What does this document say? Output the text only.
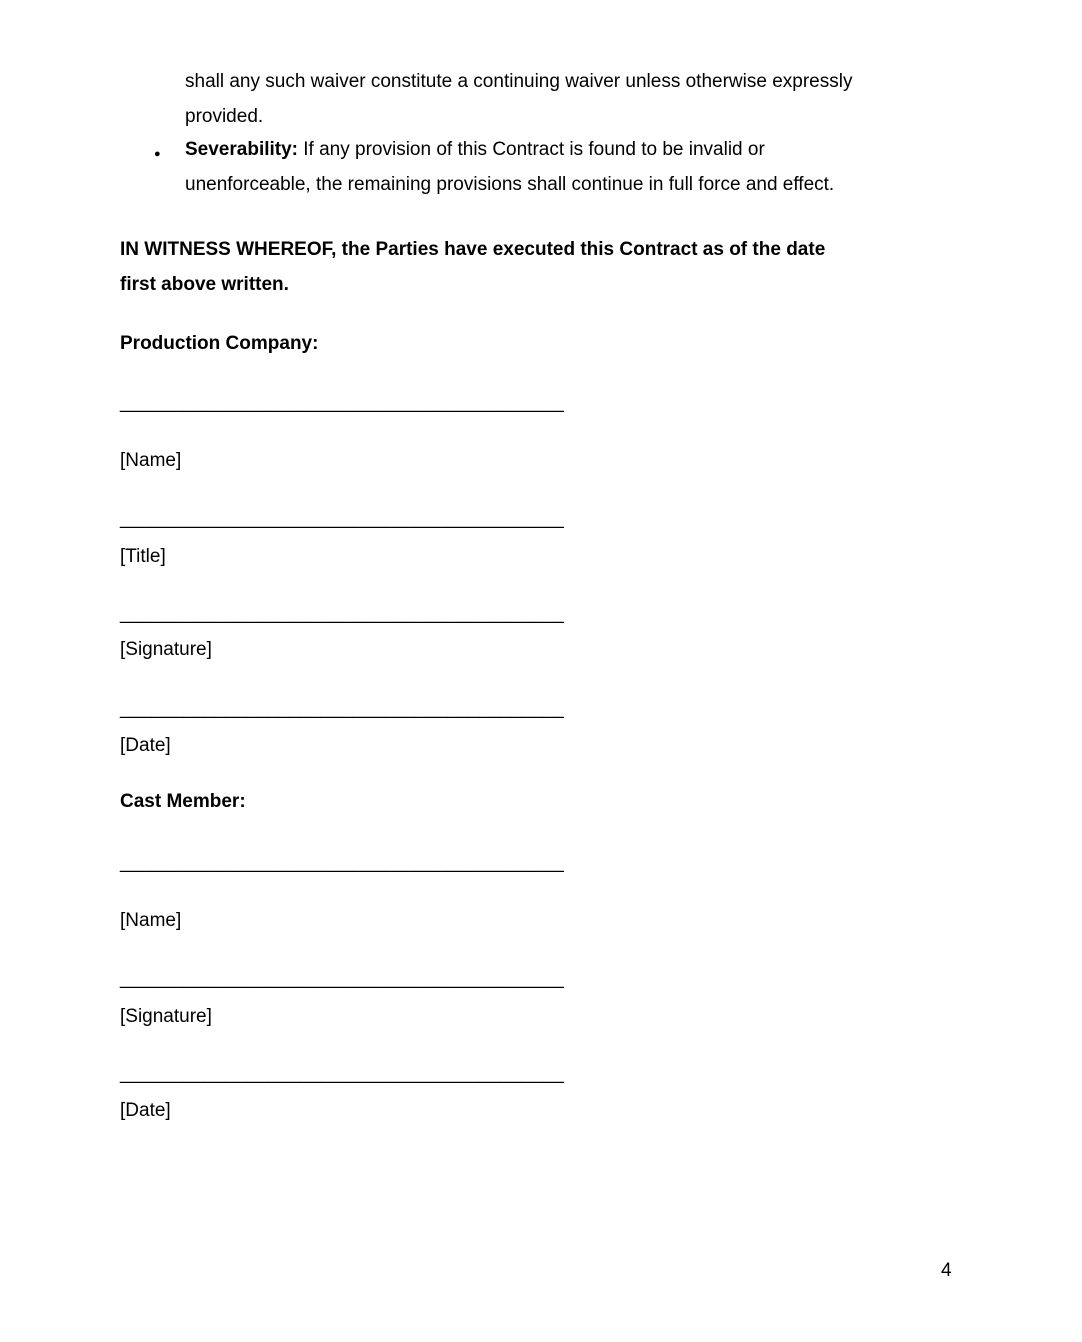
shall any such waiver constitute a continuing waiver unless otherwise expressly
provided.
● Severability: If any provision of this Contract is found to be invalid or
unenforceable, the remaining provisions shall continue in full force and effect.
IN WITNESS WHEREOF, the Parties have executed this Contract as of the date
first above written.
Production Company:
__________________________________________
[Name]
__________________________________________
[Title]
__________________________________________
[Signature]
__________________________________________
[Date]
Cast Member:
__________________________________________
[Name]
__________________________________________
[Signature]
__________________________________________
[Date]
4
